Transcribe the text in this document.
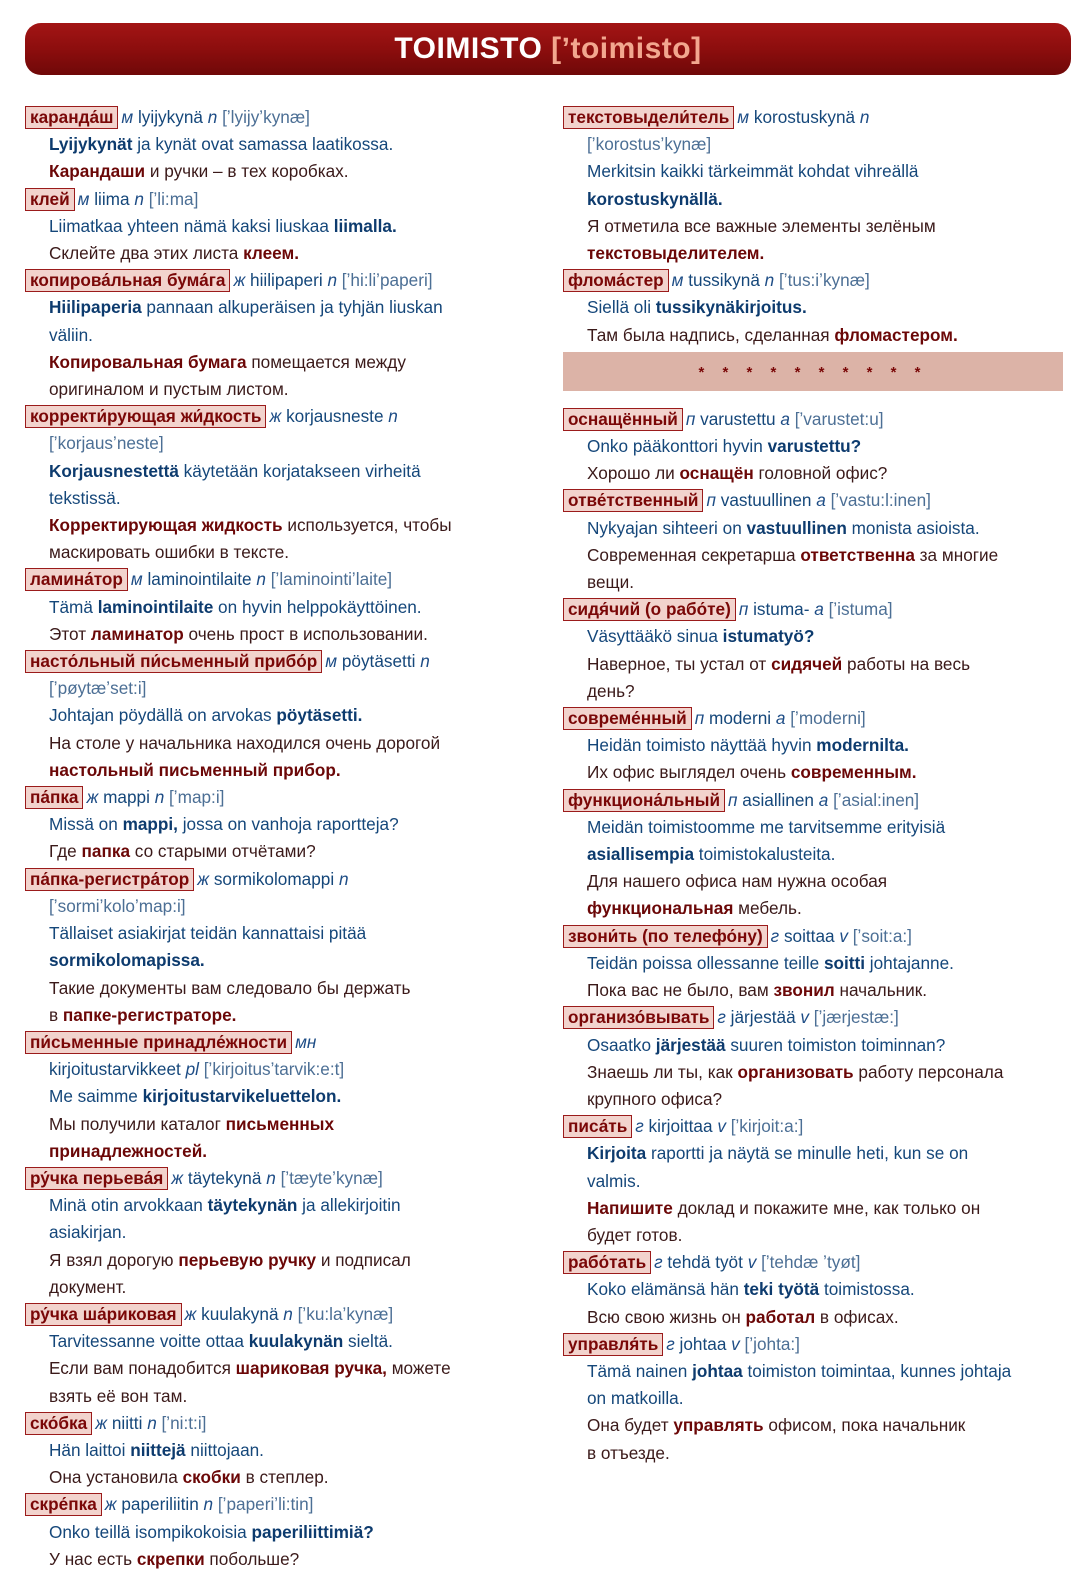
TOIMISTO [ʼtoimisto]
каранда́ш м lyijykynä n [ʼlyijyʼkynæ]
Lyijykynät ja kynät ovat samassa laatikossa.
Карандаши и ручки – в тех коробках.
клей м liima n [ʼli:ma]
Liimatkaa yhteen nämä kaksi liuskaa liimalla.
Склейте два этих листа клеем.
копирова́льная бума́га ж hiilipaperi n [ʼhi:liʼpaperi]
Hiilipaperia pannaan alkuperäisen ja tyhjän liuskan
väliin.
Копировальная бумага помещается между
оригиналом и пустым листом.
корректи́рующая жи́дкость ж korjausneste n
[ʼkorjausʼneste]
Korjausnestettä käytetään korjatakseen virheitä
tekstissä.
Корректирующая жидкость используется, чтобы
маскировать ошибки в тексте.
ламина́тор м laminointilaite n [ʼlaminointiʼlaite]
Tämä laminointilaite on hyvin helppokäyttöinen.
Этот ламинатор очень прост в использовании.
насто́льный пи́сьменный прибо́р м pöytäsetti n
[ʼpøytæʼset:i]
Johtajan pöydällä on arvokas pöytäsetti.
На столе у начальника находился очень дорогой
настольный письменный прибор.
па́пка ж mappi n [ʼmap:i]
Missä on mappi, jossa on vanhoja raportteja?
Где папка со старыми отчётами?
па́пка-регистра́тор ж sormikolomappi n
[ʼsormiʼkoloʼmap:i]
Tällaiset asiakirjat teidän kannattaisi pitää
sormikolomapissa.
Такие документы вам следовало бы держать
в папке-регистраторе.
пи́сьменные принадле́жности мн
kirjoitustarvikkeet pl [ʼkirjoitusʼtarvik:e:t]
Me saimme kirjoitustarvikeluettelon.
Мы получили каталог письменных
принадлежностей.
ру́чка перьева́я ж täytekynä n [ʼtæyteʼkynæ]
Minä otin arvokkaan täytekynän ja allekirjoitin
asiakirjan.
Я взял дорогую перьевую ручку и подписал
документ.
ру́чка ша́риковая ж kuulakynä n [ʼku:laʼkynæ]
Tarvitessanne voitte ottaa kuulakynän sieltä.
Если вам понадобится шариковая ручка, можете
взять её вон там.
ско́бка ж niitti n [ʼni:t:i]
Hän laittoi niittejä niittojaan.
Она установила скобки в степлер.
скре́пка ж paperiliitin n [ʼpaperiʼli:tin]
Onko teillä isompikokoisia paperiliittimiä?
У нас есть скрепки побольше?
текстовыдели́тель м korostuskynä n
[ʼkorostusʼkynæ]
Merkitsin kaikki tärkeimmät kohdat vihreällä
korostuskynällä.
Я отметила все важные элементы зелёным
текстовыделителем.
флома́стер м tussikynä n [ʼtus:iʼkynæ]
Siellä oli tussikynäkirjoitus.
Там была надпись, сделанная фломастером.
* * * * * * * * * *
оснащённый п varustettu a [ʼvarustet:u]
Onko pääkonttori hyvin varustettu?
Хорошо ли оснащён головной офис?
отве́тственный п vastuullinen a [ʼvastu:l:inen]
Nykyajan sihteeri on vastuullinen monista asioista.
Современная секретарша ответственна за многие
вещи.
сидя́чий (о рабо́те) п istuma- a [ʼistuma]
Väsyttääkö sinua istumatyö?
Наверное, ты устал от сидячей работы на весь
день?
совреме́нный п moderni a [ʼmoderni]
Heidän toimisto näyttää hyvin modernilta.
Их офис выглядел очень современным.
функциона́льный п asiallinen a [ʼasial:inen]
Meidän toimistoomme me tarvitsemme erityisiä
asiallisempia toimistokalusteita.
Для нашего офиса нам нужна особая
функциональная мебель.
звони́ть (по телефо́ну) г soittaa v [ʼsoit:a:]
Teidän poissa ollessanne teille soitti johtajanne.
Пока вас не было, вам звонил начальник.
организо́вывать г järjestää v [ʼjærjestæ:]
Osaatko järjestää suuren toimiston toiminnan?
Знаешь ли ты, как организовать работу персонала
крупного офиса?
писа́ть г kirjoittaa v [ʼkirjoit:a:]
Kirjoita raportti ja näytä se minulle heti, kun se on
valmis.
Напишите доклад и покажите мне, как только он
будет готов.
рабо́тать г tehdä työt v [ʼtehdæ ʼtyøt]
Koko elämänsä hän teki työtä toimistossa.
Всю свою жизнь он работал в офисах.
управля́ть г johtaa v [ʼjohta:]
Tämä nainen johtaa toimiston toimintaa, kunnes johtaja
on matkoilla.
Она будет управлять офисом, пока начальник
в отъезде.
